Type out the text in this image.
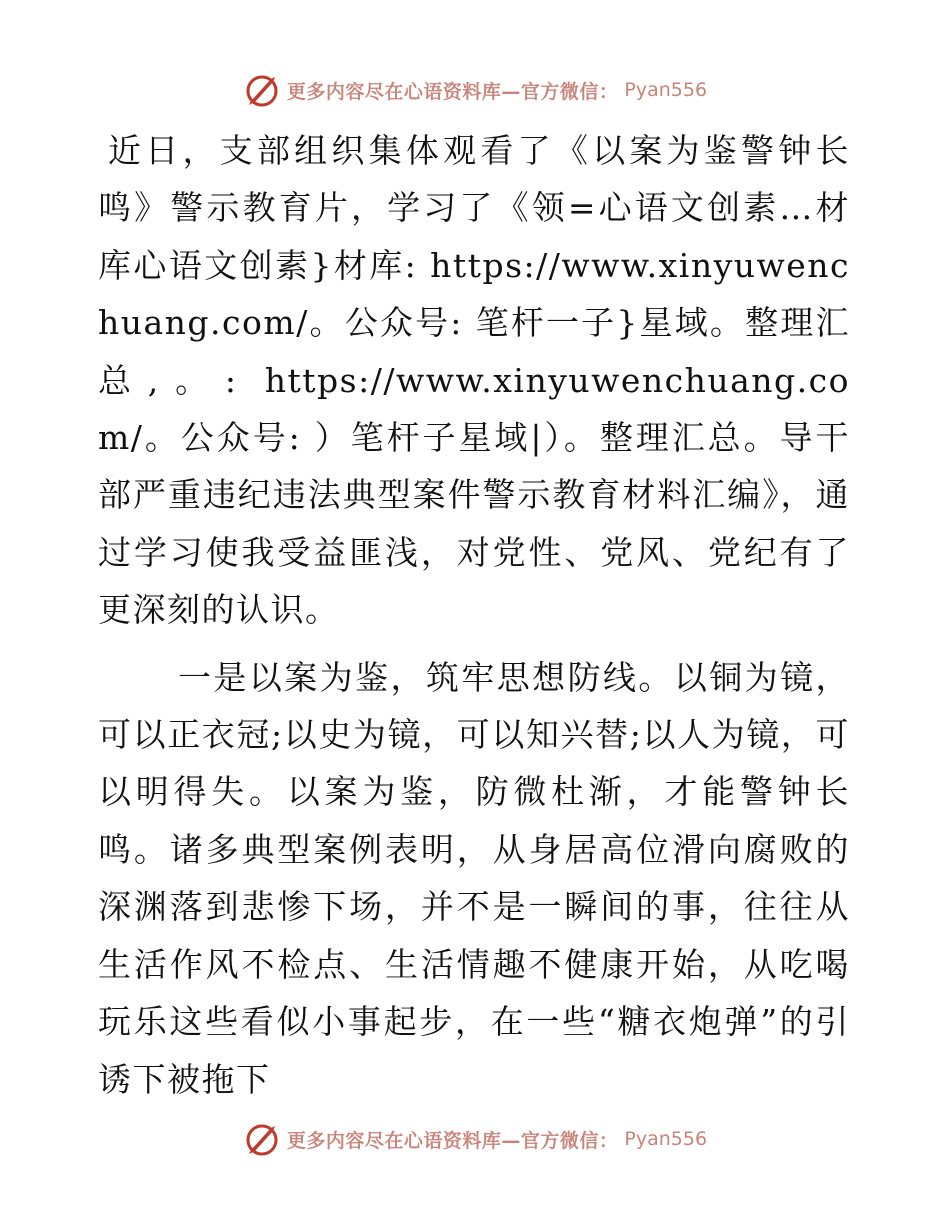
更多内容尽在心语资料库—官方微信： Pyan556

近日，支部组织集体观看了《以案为鉴警钟长鸣》警示教育片，学习了《领=心语文创素…材库心语文创素}材库: https://www.xinyuwenchuang.com/。公众号: 笔杆一子}星域。整理汇总,。: https://www.xinyuwenchuang.com/。公众号: ）笔杆子星域|）。整理汇总。导干部严重违纪违法典型案件警示教育材料汇编》，通过学习使我受益匪浅，对党性、党风、党纪有了更深刻的认识。

一是以案为鉴，筑牢思想防线。以铜为镜，可以正衣冠;以史为镜，可以知兴替;以人为镜，可以明得失。以案为鉴，防微杜渐，才能警钟长鸣。诸多典型案例表明，从身居高位滑向腐败的深渊落到悲惨下场，并不是一瞬间的事，往往从生活作风不检点、生活情趣不健康开始，从吃喝玩乐这些看似小事起步，在一些“糖衣炮弹”的引诱下被拖下

更多内容尽在心语资料库—官方微信： Pyan556
